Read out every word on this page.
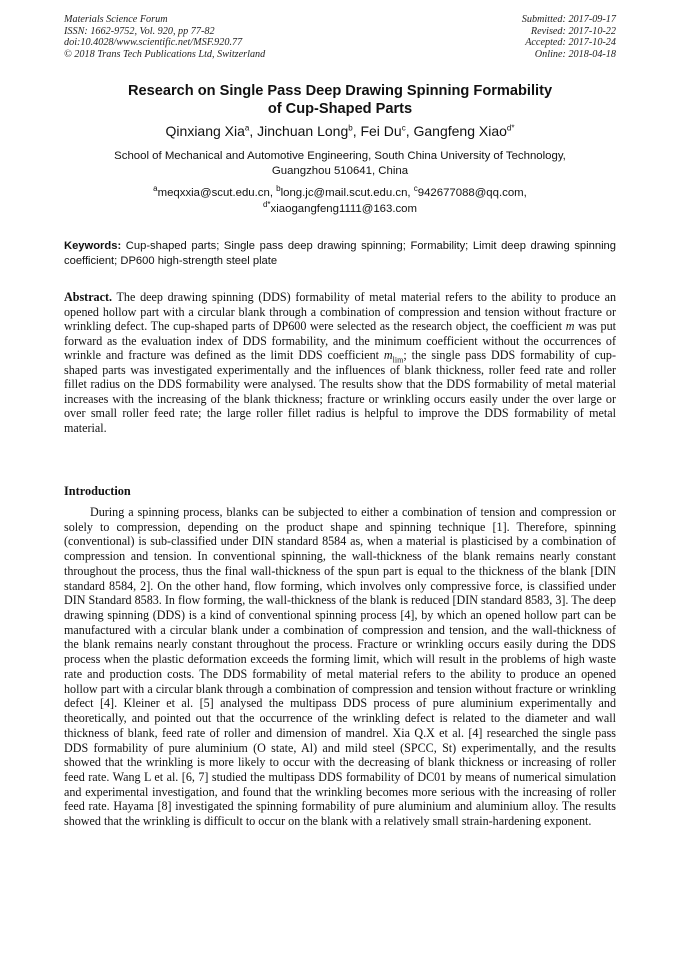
Materials Science Forum
ISSN: 1662-9752, Vol. 920, pp 77-82
doi:10.4028/www.scientific.net/MSF.920.77
© 2018 Trans Tech Publications Ltd, Switzerland
Submitted: 2017-09-17
Revised: 2017-10-22
Accepted: 2017-10-24
Online: 2018-04-18
Research on Single Pass Deep Drawing Spinning Formability
of Cup-Shaped Parts
Qinxiang Xia$^a$, Jinchuan Long$^b$, Fei Du$^c$, Gangfeng Xiao$^{d*}$
School of Mechanical and Automotive Engineering, South China University of Technology,
Guangzhou 510641, China
$^a$meqxxia@scut.edu.cn, $^b$long.jc@mail.scut.edu.cn, $^c$942677088@qq.com,
$^{d*}$xiaogangfeng1111@163.com
Keywords: Cup-shaped parts; Single pass deep drawing spinning; Formability; Limit deep drawing spinning coefficient; DP600 high-strength steel plate
Abstract. The deep drawing spinning (DDS) formability of metal material refers to the ability to produce an opened hollow part with a circular blank through a combination of compression and tension without fracture or wrinkling defect. The cup-shaped parts of DP600 were selected as the research object, the coefficient m was put forward as the evaluation index of DDS formability, and the minimum coefficient without the occurrences of wrinkle and fracture was defined as the limit DDS coefficient $m_{lim}$; the single pass DDS formability of cup-shaped parts was investigated experimentally and the influences of blank thickness, roller feed rate and roller fillet radius on the DDS formability were analysed. The results show that the DDS formability of metal material increases with the increasing of the blank thickness; fracture or wrinkling occurs easily under the over large or over small roller feed rate; the large roller fillet radius is helpful to improve the DDS formability of metal material.
Introduction

During a spinning process, blanks can be subjected to either a combination of tension and compression or solely to compression, depending on the product shape and spinning technique [1]. Therefore, spinning (conventional) is sub-classified under DIN standard 8584 as, when a material is plasticised by a combination of compression and tension. In conventional spinning, the wall-thickness of the blank remains nearly constant throughout the process, thus the final wall-thickness of the spun part is equal to the thickness of the blank [DIN standard 8584, 2]. On the other hand, flow forming, which involves only compressive force, is classified under DIN Standard 8583. In flow forming, the wall-thickness of the blank is reduced [DIN standard 8583, 3]. The deep drawing spinning (DDS) is a kind of conventional spinning process [4], by which an opened hollow part can be manufactured with a circular blank under a combination of compression and tension, and the wall-thickness of the blank remains nearly constant throughout the process. Fracture or wrinkling occurs easily during the DDS process when the plastic deformation exceeds the forming limit, which will result in the problems of high waste rate and production costs. The DDS formability of metal material refers to the ability to produce an opened hollow part with a circular blank through a combination of compression and tension without fracture or wrinkling defect [4]. Kleiner et al. [5] analysed the multipass DDS process of pure aluminium experimentally and theoretically, and pointed out that the occurrence of the wrinkling defect is related to the diameter and wall thickness of blank, feed rate of roller and dimension of mandrel. Xia Q.X et al. [4] researched the single pass DDS formability of pure aluminium (O state, Al) and mild steel (SPCC, St) experimentally, and the results showed that the wrinkling is more likely to occur with the decreasing of blank thickness or increasing of roller feed rate. Wang L et al. [6, 7] studied the multipass DDS formability of DC01 by means of numerical simulation and experimental investigation, and found that the wrinkling becomes more serious with the increasing of roller feed rate. Hayama [8] investigated the spinning formability of pure aluminium and aluminium alloy. The results showed that the wrinkling is difficult to occur on the blank with a relatively small strain-hardening exponent.
